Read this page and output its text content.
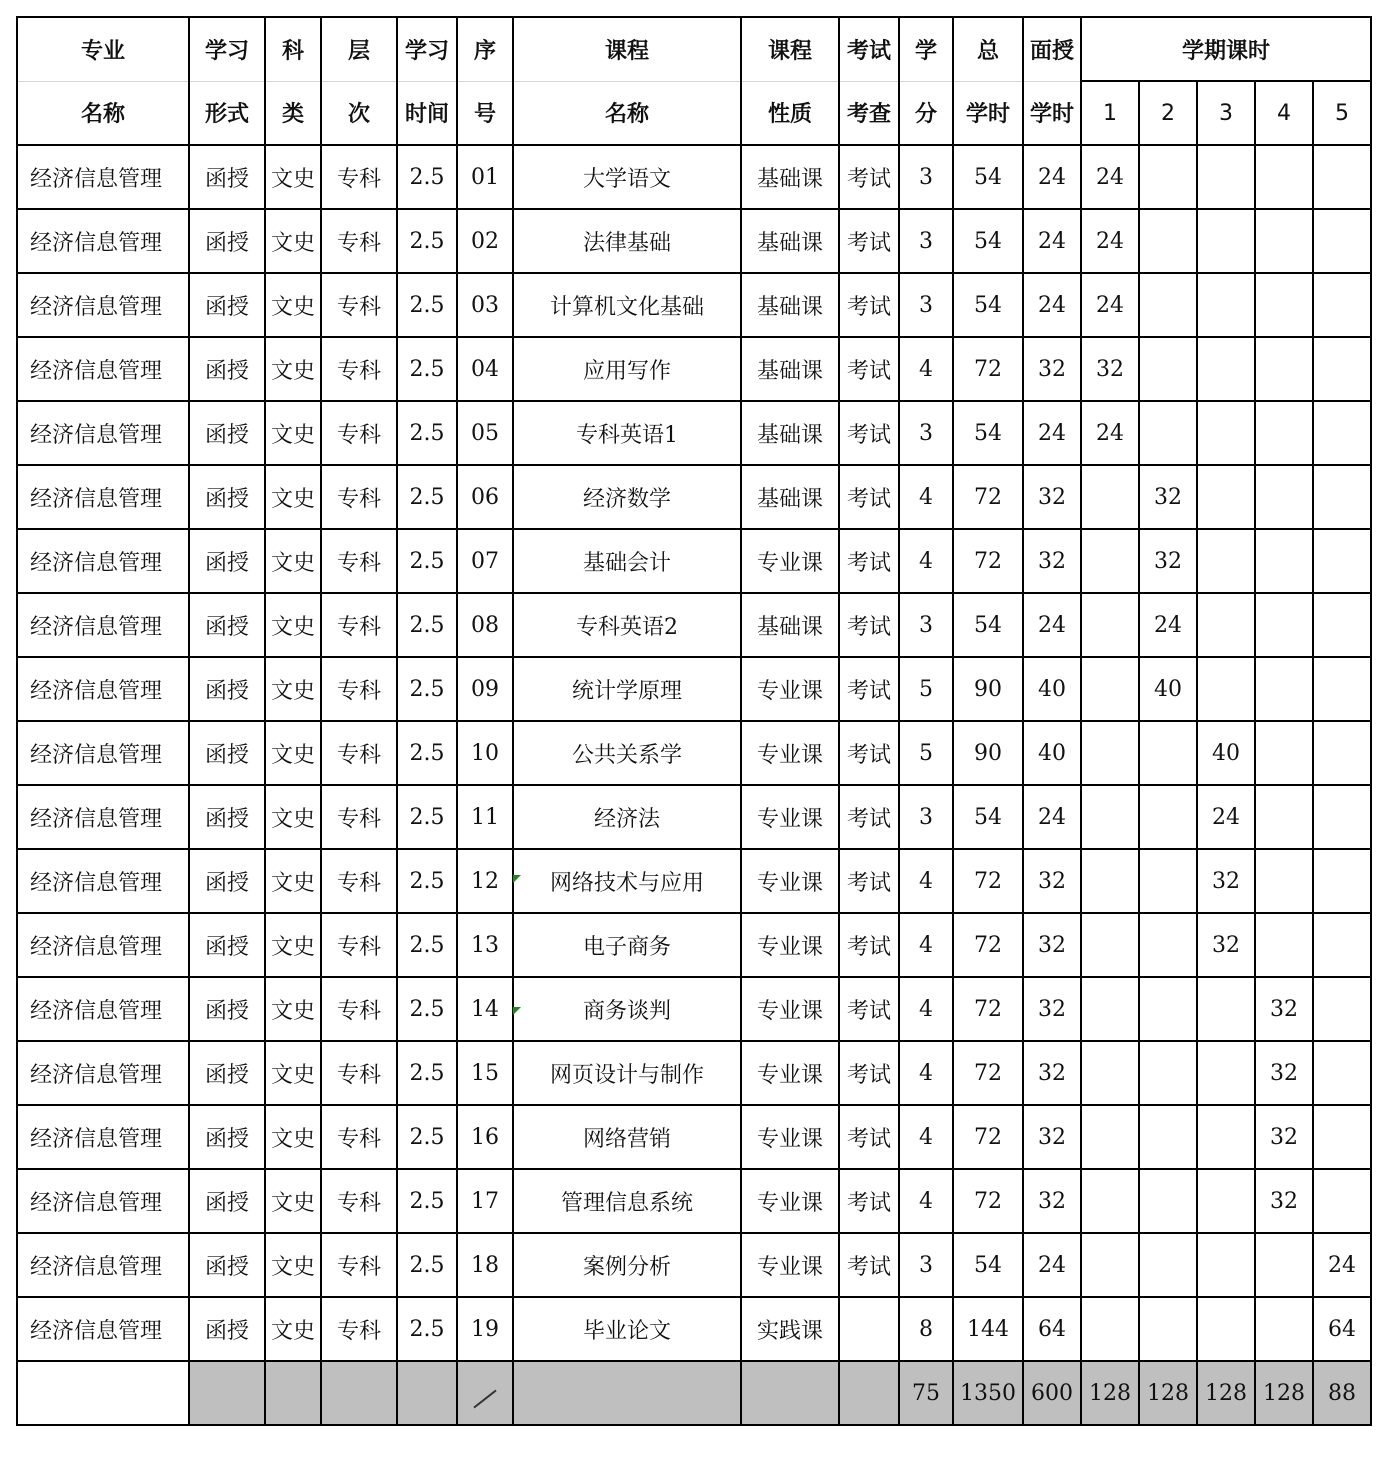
专业	学习	科	层	学习	序	课程	课程	考试	学	总	面授	学期课时				
名称	形式	类	次	时间	号	名称	性质	考查	分	学时	学时	1	2	3	4	5
经济信息管理	函授	文史	专科	2.5	01	大学语文	基础课	考试	3	54	24	24				
经济信息管理	函授	文史	专科	2.5	02	法律基础	基础课	考试	3	54	24	24				
经济信息管理	函授	文史	专科	2.5	03	计算机文化基础	基础课	考试	3	54	24	24				
经济信息管理	函授	文史	专科	2.5	04	应用写作	基础课	考试	4	72	32	32				
经济信息管理	函授	文史	专科	2.5	05	专科英语1	基础课	考试	3	54	24	24				
经济信息管理	函授	文史	专科	2.5	06	经济数学	基础课	考试	4	72	32		32			
经济信息管理	函授	文史	专科	2.5	07	基础会计	专业课	考试	4	72	32		32			
经济信息管理	函授	文史	专科	2.5	08	专科英语2	基础课	考试	3	54	24		24			
经济信息管理	函授	文史	专科	2.5	09	统计学原理	专业课	考试	5	90	40		40			
经济信息管理	函授	文史	专科	2.5	10	公共关系学	专业课	考试	5	90	40			40		
经济信息管理	函授	文史	专科	2.5	11	经济法	专业课	考试	3	54	24			24		
经济信息管理	函授	文史	专科	2.5	12	网络技术与应用	专业课	考试	4	72	32			32		
经济信息管理	函授	文史	专科	2.5	13	电子商务	专业课	考试	4	72	32			32		
经济信息管理	函授	文史	专科	2.5	14	商务谈判	专业课	考试	4	72	32				32	
经济信息管理	函授	文史	专科	2.5	15	网页设计与制作	专业课	考试	4	72	32				32	
经济信息管理	函授	文史	专科	2.5	16	网络营销	专业课	考试	4	72	32				32	
经济信息管理	函授	文史	专科	2.5	17	管理信息系统	专业课	考试	4	72	32				32	
经济信息管理	函授	文史	专科	2.5	18	案例分析	专业课	考试	3	54	24					24
经济信息管理	函授	文史	专科	2.5	19	毕业论文	实践课		8	144	64					64
									75	1350	600	128	128	128	128	88
